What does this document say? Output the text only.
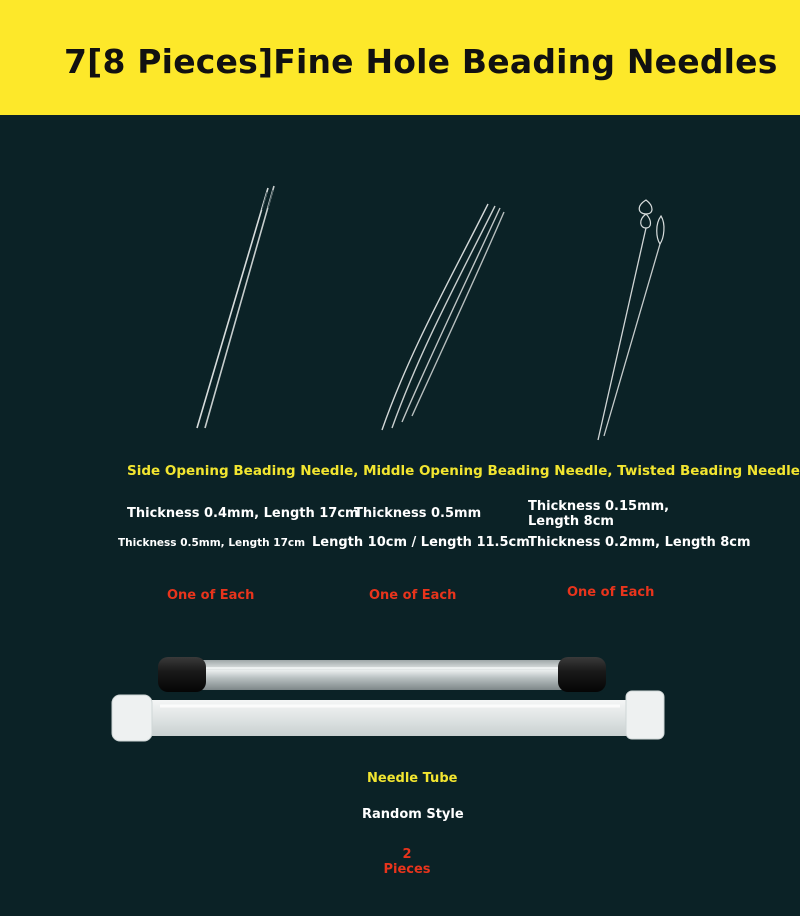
7[8 Pieces]Fine Hole Beading Needles
Side Opening Beading Needle, Middle Opening Beading Needle, Twisted Beading Needle
Thickness 0.4mm, Length 17cm
Thickness 0.5mm, Length 17cm
Thickness 0.5mm
Length 10cm / Length 11.5cm
Thickness 0.15mm,
Length 8cm
Thickness 0.2mm, Length 8cm
One of Each	One of Each	One of Each
Needle Tube
Random Style
2
Pieces
